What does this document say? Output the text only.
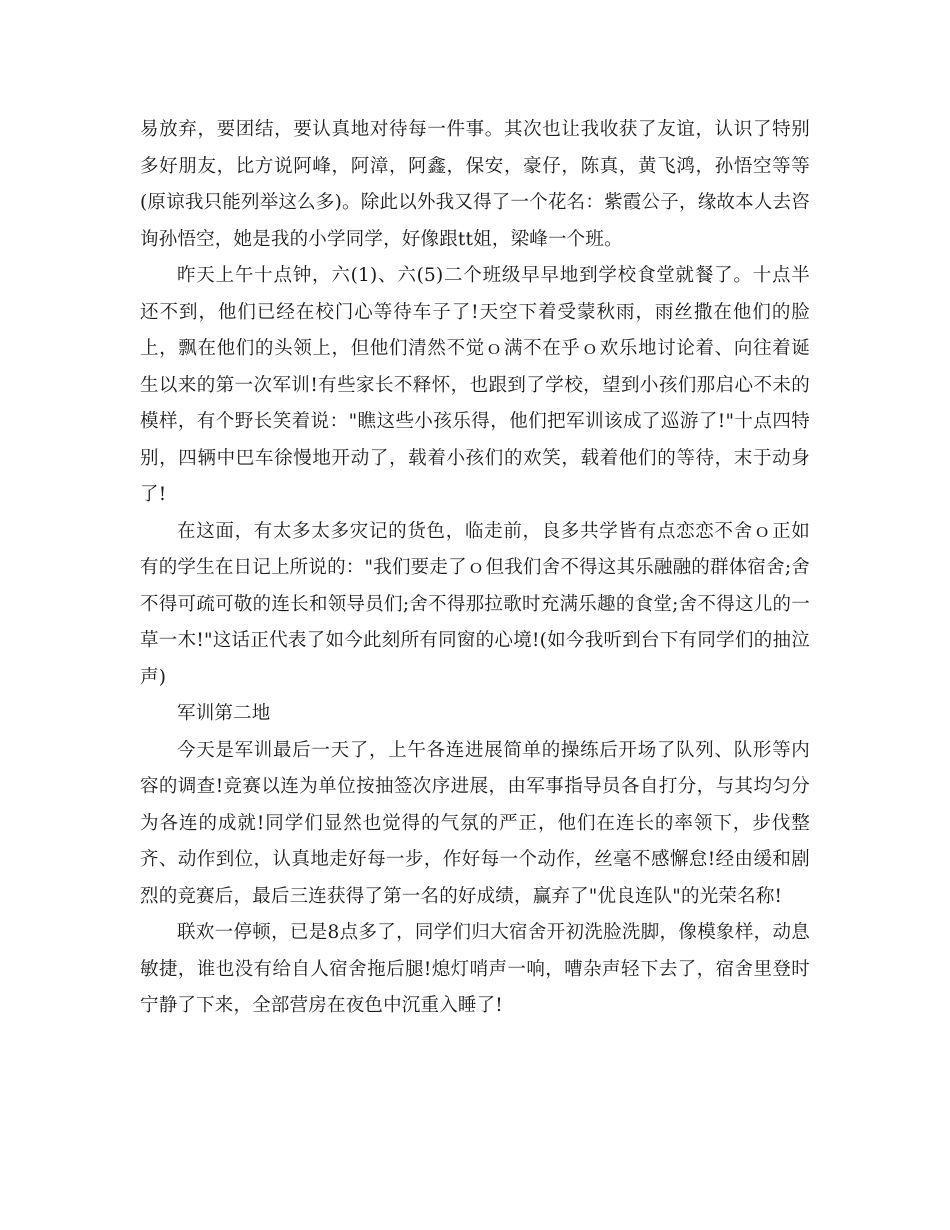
易放弃，要团结，要认真地对待每一件事。其次也让我收获了友谊，认识了特别多好朋友，比方说阿峰，阿漳，阿鑫，保安，豪仔，陈真，黄飞鸿，孙悟空等等(原谅我只能列举这么多)。除此以外我又得了一个花名：紫霞公子，缘故本人去咨询孙悟空，她是我的小学同学，好像跟tt姐，梁峰一个班。

昨天上午十点钟，六(1)、六(5)二个班级早早地到学校食堂就餐了。十点半还不到，他们已经在校门心等待车子了!天空下着受蒙秋雨，雨丝撒在他们的脸上，飘在他们的头领上，但他们清然不觉ｏ满不在乎ｏ欢乐地讨论着、向往着诞生以来的第一次军训!有些家长不释怀，也跟到了学校，望到小孩们那启心不未的模样，有个野长笑着说："瞧这些小孩乐得，他们把军训该成了巡游了!"十点四特别，四辆中巴车徐慢地开动了，载着小孩们的欢笑，载着他们的等待，末于动身了!

在这面，有太多太多灾记的货色，临走前，良多共学皆有点恋恋不舍ｏ正如有的学生在日记上所说的："我们要走了ｏ但我们舍不得这其乐融融的群体宿舍;舍不得可疏可敬的连长和领导员们;舍不得那拉歌时充满乐趣的食堂;舍不得这儿的一草一木!"这话正代表了如今此刻所有同窗的心境!(如今我听到台下有同学们的抽泣声)

军训第二地

今天是军训最后一天了，上午各连进展简单的操练后开场了队列、队形等内容的调查!竞赛以连为单位按抽签次序进展，由军事指导员各自打分，与其均匀分为各连的成就!同学们显然也觉得的气氛的严正，他们在连长的率领下，步伐整齐、动作到位，认真地走好每一步，作好每一个动作，丝毫不感懈怠!经由缓和剧烈的竞赛后，最后三连获得了第一名的好成绩，赢弃了"优良连队"的光荣名称!

联欢一停顿，已是8点多了，同学们归大宿舍开初洗脸洗脚，像模象样，动息敏捷，谁也没有给自人宿舍拖后腿!熄灯哨声一响，嘈杂声轻下去了，宿舍里登时宁静了下来，全部营房在夜色中沉重入睡了!
